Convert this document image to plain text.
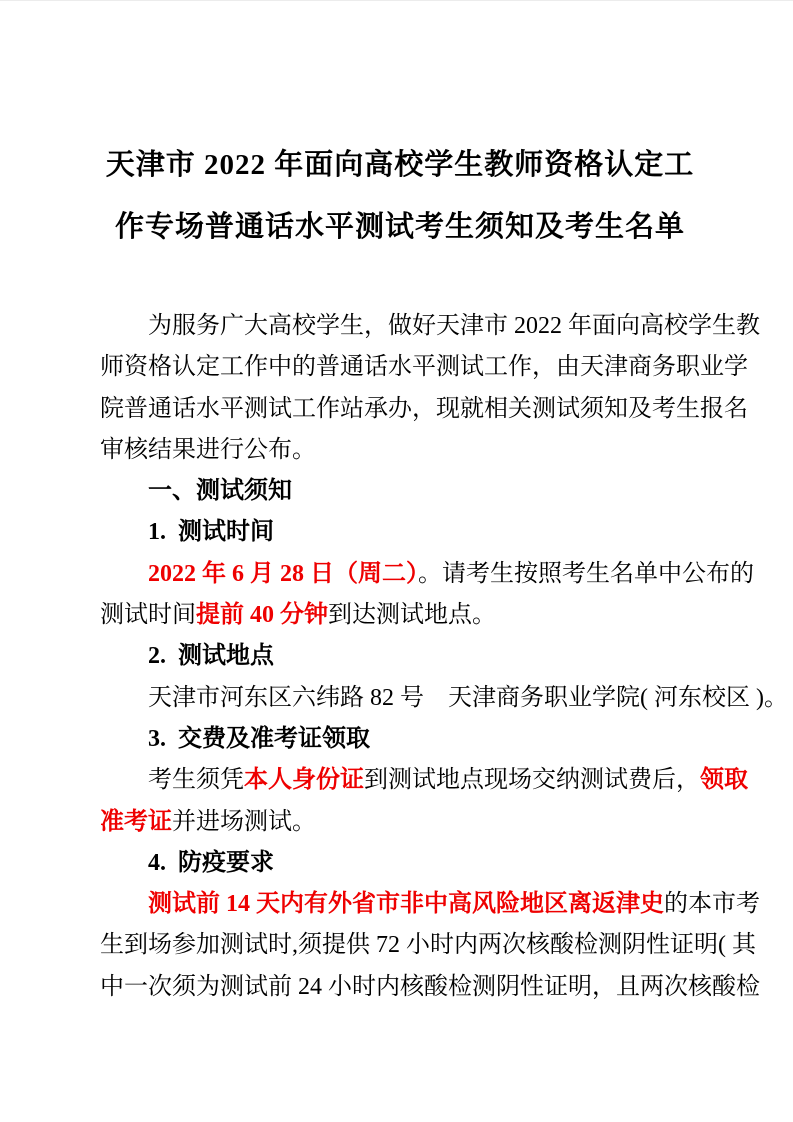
天津市 2022 年面向高校学生教师资格认定工
作专场普通话水平测试考生须知及考生名单
为服务广大高校学生，做好天津市 2022 年面向高校学生教
师资格认定工作中的普通话水平测试工作，由天津商务职业学
院普通话水平测试工作站承办，现就相关测试须知及考生报名
审核结果进行公布。
一、测试须知
1. 测试时间
2022 年 6 月 28 日（周二）。请考生按照考生名单中公布的
测试时间提前 40 分钟到达测试地点。
2. 测试地点
天津市河东区六纬路 82 号　天津商务职业学院( 河东校区 )。
3. 交费及准考证领取
考生须凭本人身份证到测试地点现场交纳测试费后，领取
准考证并进场测试。
4. 防疫要求
测试前 14 天内有外省市非中高风险地区离返津史的本市考
生到场参加测试时,须提供 72 小时内两次核酸检测阴性证明( 其
中一次须为测试前 24 小时内核酸检测阴性证明，且两次核酸检
